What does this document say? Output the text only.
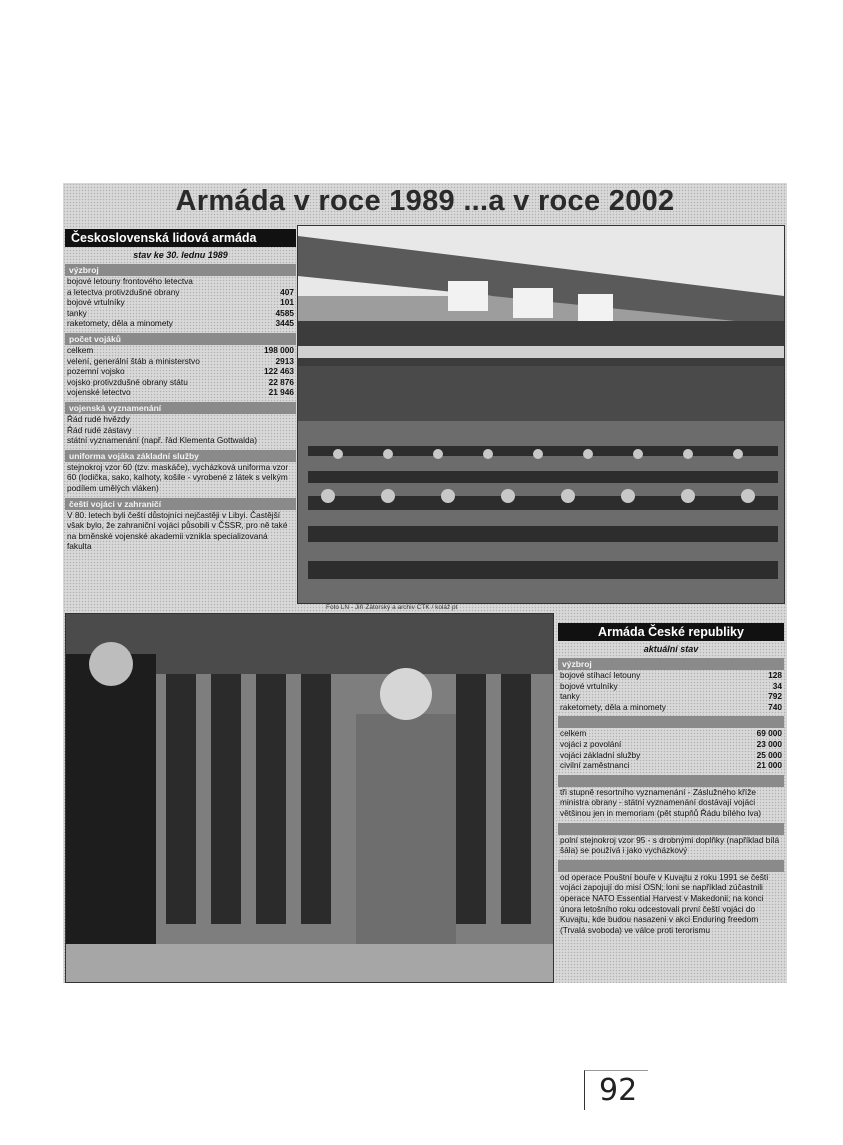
Armáda v roce 1989 ...a v roce 2002
Československá lidová armáda
stav ke 30. lednu 1989
výzbroj
bojové letouny frontového letectva
a letectva protivzdušné obrany	407
bojové vrtulníky	101
tanky	4585
raketomety, děla a minomety	3445
počet vojáků
celkem	198 000
velení, generální štáb a ministerstvo	2913
pozemní vojsko	122 463
vojsko protivzdušné obrany státu	22 876
vojenské letectvo	21 946
vojenská vyznamenání
Řád rudé hvězdy
Řád rudé zástavy
státní vyznamenání (např. řád Klementa Gottwalda)
uniforma vojáka základní služby
stejnokroj vzor 60 (tzv. maskáče), vycházková uniforma vzor 60 (lodička, sako, kalhoty, košile - vyrobené z látek s velkým podílem umělých vláken)
čeští vojáci v zahraničí
V 80. letech byli čeští důstojníci nejčastěji v Libyi. Častější však bylo, že zahraniční vojáci působili v ČSSR, pro ně také na brněnské vojenské akademii vznikla specializovaná fakulta
Foto LN - Jiří Zátorský a archiv ČTK / koláž pt
Armáda České republiky
aktuální stav
výzbroj
bojové stíhací letouny	128
bojové vrtulníky	34
tanky	792
raketomety, děla a minomety	740

celkem	69 000
vojáci z povolání	23 000
vojáci základní služby	25 000
civilní zaměstnanci	21 000

tři stupně resortního vyznamenání - Záslužného kříže ministra obrany - státní vyznamenání dostávají vojáci většinou jen in memoriam (pět stupňů Řádu bílého lva)

polní stejnokroj vzor 95 - s drobnými doplňky (například bílá šála) se používá i jako vycházkový

od operace Pouštní bouře v Kuvajtu z roku 1991 se čeští vojáci zapojují do misí OSN; loni se například zúčastnili operace NATO Essential Harvest v Makedonii; na konci února letošního roku odcestovali první čeští vojáci do Kuvajtu, kde budou nasazeni v akci Enduring freedom (Trvalá svoboda) ve válce proti terorismu
92
